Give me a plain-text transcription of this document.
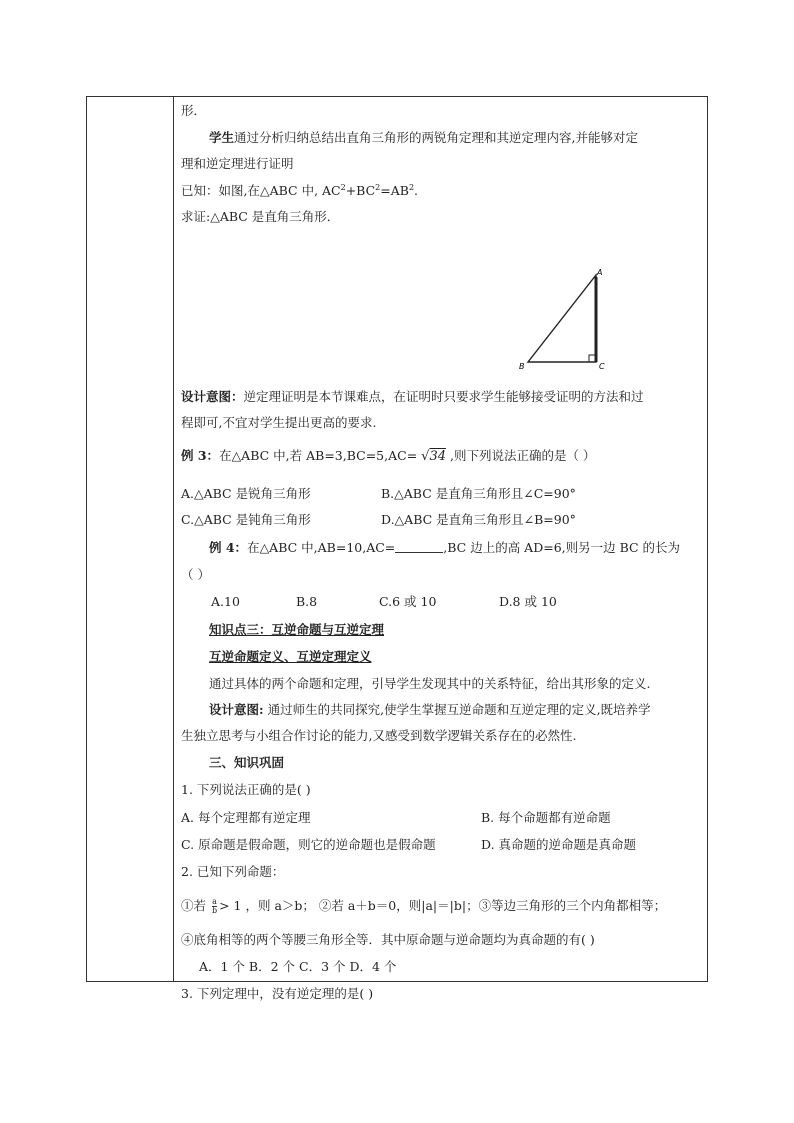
形．
学生通过分析归纳总结出直角三角形的两锐角定理和其逆定理内容,并能够对定
理和逆定理进行证明
已知：如图,在△ABC 中, $AC^2+BC^2=AB^2$.
求证:△ABC 是直角三角形．
A
B	C
设计意图：逆定理证明是本节课难点，在证明时只要求学生能够接受证明的方法和过
程即可,不宜对学生提出更高的要求.
例 3：在△ABC 中,若 AB=3,BC=5,AC= √34 ,则下列说法正确的是（ ）
A.△ABC 是锐角三角形	B.△ABC 是直角三角形且∠C=90°
C.△ABC 是钝角三角形	D.△ABC 是直角三角形且∠B=90°
例 4：在△ABC 中,AB=10,AC=	,BC 边上的高 AD=6,则另一边 BC 的长为
（ ）
A.10	B.8	C.6 或 10	D.8 或 10
知识点三：互逆命题与互逆定理
互逆命题定义、互逆定理定义
通过具体的两个命题和定理，引导学生发现其中的关系特征，给出其形象的定义.
设计意图: 通过师生的共同探究,使学生掌握互逆命题和互逆定理的定义,既培养学
生独立思考与小组合作讨论的能力,又感受到数学逻辑关系存在的必然性.
三、知识巩固
1. 下列说法正确的是( )
A. 每个定理都有逆定理	B. 每个命题都有逆命题
C. 原命题是假命题，则它的逆命题也是假命题	D. 真命题的逆命题是真命题
2. 已知下列命题：
①若 $\frac{a}{b} > 1$ ，则 a＞b； ②若 a＋b＝0，则|a|＝|b|；③等边三角形的三个内角都相等；
④底角相等的两个等腰三角形全等．其中原命题与逆命题均为真命题的有( )
A．1 个 B．2 个 C．3 个 D．4 个
3. 下列定理中，没有逆定理的是( )
